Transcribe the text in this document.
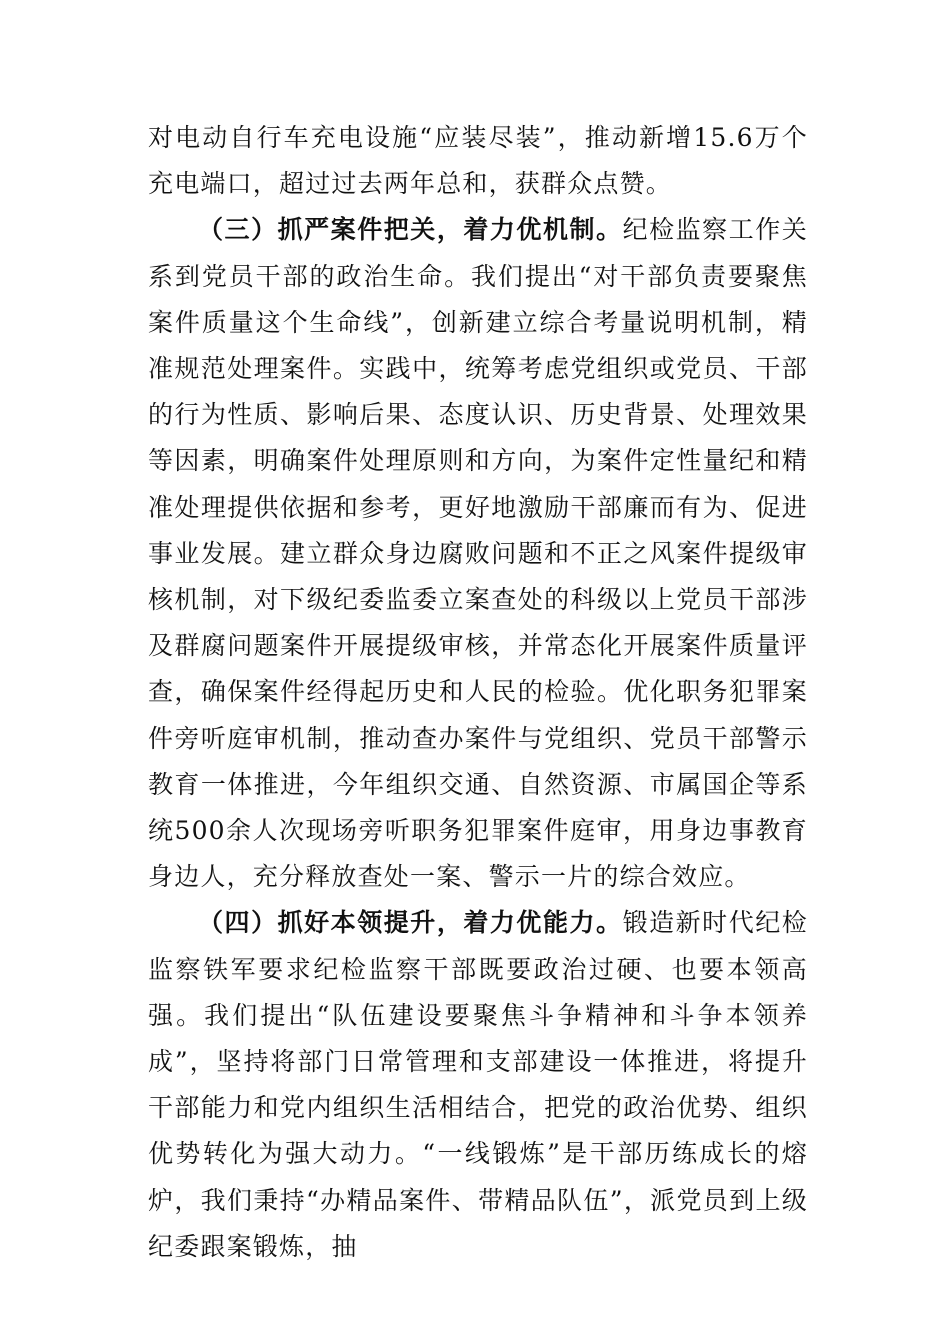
对电动自行车充电设施“应装尽装”，推动新增15.6万个充电端口，超过过去两年总和，获群众点赞。

（三）抓严案件把关，着力优机制。纪检监察工作关系到党员干部的政治生命。我们提出“对干部负责要聚焦案件质量这个生命线”，创新建立综合考量说明机制，精准规范处理案件。实践中，统筹考虑党组织或党员、干部的行为性质、影响后果、态度认识、历史背景、处理效果等因素，明确案件处理原则和方向，为案件定性量纪和精准处理提供依据和参考，更好地激励干部廉而有为、促进事业发展。建立群众身边腐败问题和不正之风案件提级审核机制，对下级纪委监委立案查处的科级以上党员干部涉及群腐问题案件开展提级审核，并常态化开展案件质量评查，确保案件经得起历史和人民的检验。优化职务犯罪案件旁听庭审机制，推动查办案件与党组织、党员干部警示教育一体推进，今年组织交通、自然资源、市属国企等系统500余人次现场旁听职务犯罪案件庭审，用身边事教育身边人，充分释放查处一案、警示一片的综合效应。

（四）抓好本领提升，着力优能力。锻造新时代纪检监察铁军要求纪检监察干部既要政治过硬、也要本领高强。我们提出“队伍建设要聚焦斗争精神和斗争本领养成”，坚持将部门日常管理和支部建设一体推进，将提升干部能力和党内组织生活相结合，把党的政治优势、组织优势转化为强大动力。“一线锻炼”是干部历练成长的熔炉，我们秉持“办精品案件、带精品队伍”，派党员到上级纪委跟案锻炼，抽
